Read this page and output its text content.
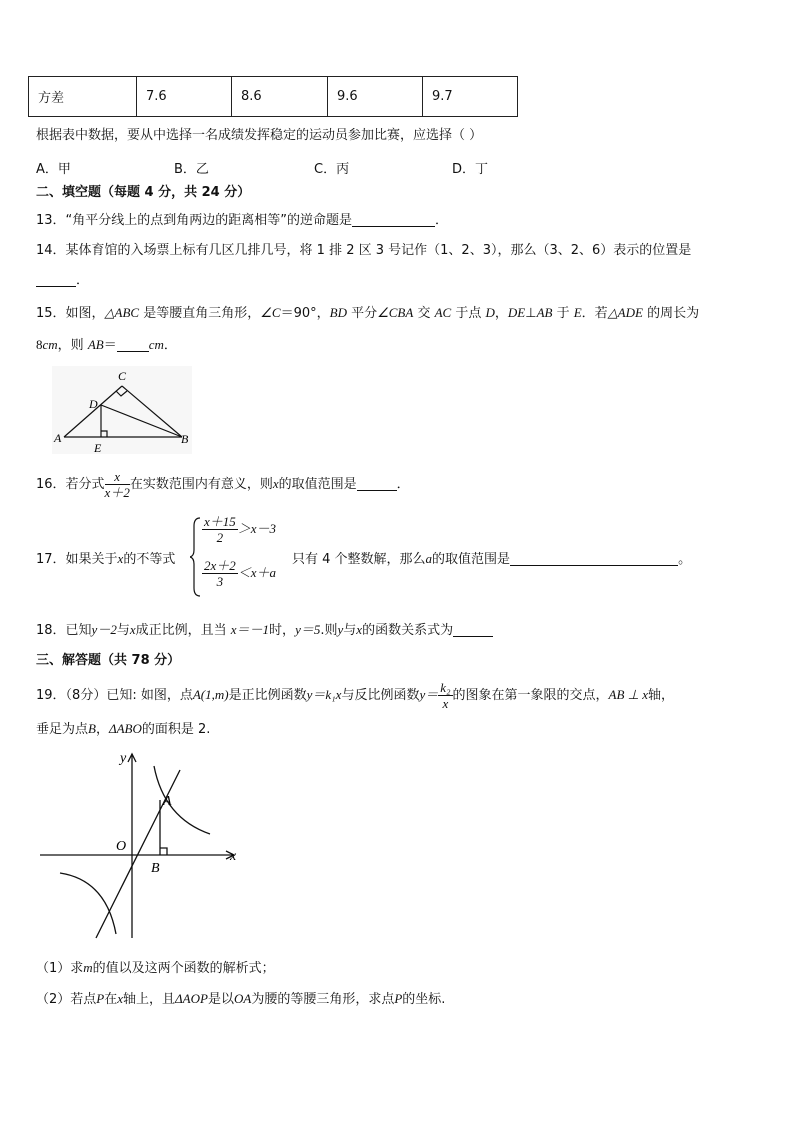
方差	7.6	8.6	9.6	9.7
根据表中数据，要从中选择一名成绩发挥稳定的运动员参加比赛，应选择（ ）
A．甲	B．乙	C．丙	D．丁
二、填空题（每题 4 分，共 24 分）
13．“角平分线上的点到角两边的距离相等”的逆命题是	．
14．某体育馆的入场票上标有几区几排几号，将 1 排 2 区 3 号记作（1、2、3），那么（3、2、6）表示的位置是
．
15．如图，△ABC 是等腰直角三角形，∠C＝90°，BD 平分∠CBA 交 AC 于点 D，DE⊥AB 于 E．若△ADE 的周长为
8cm，则 AB＝ cm．
C
D
A
E
B
16．若分式 $\frac{x}{x+2}$ 在实数范围内有意义，则x的取值范围是	．
17．如果关于x的不等式
$\frac{x+15}{2} >x-3$
$\frac{2x+2}{3} <x+a$
只有 4 个整数解，那么a的取值范围是	。
18．已知y－2与x成正比例，且当 x＝－1时，y＝5.则y与x的函数关系式为
三、解答题（共 78 分）
19．（8分）已知: 如图，点A(1,m)是正比例函数y＝k₁x与反比例函数$y= \frac{\text{k₂}}{x}$ 的图象在第一象限的交点，AB ⊥ x轴，
垂足为点B，ΔABO的面积是 2.
y
x
O
A
B
（1）求m的值以及这两个函数的解析式；
（2）若点P在x轴上，且ΔAOP是以OA为腰的等腰三角形，求点P的坐标.
